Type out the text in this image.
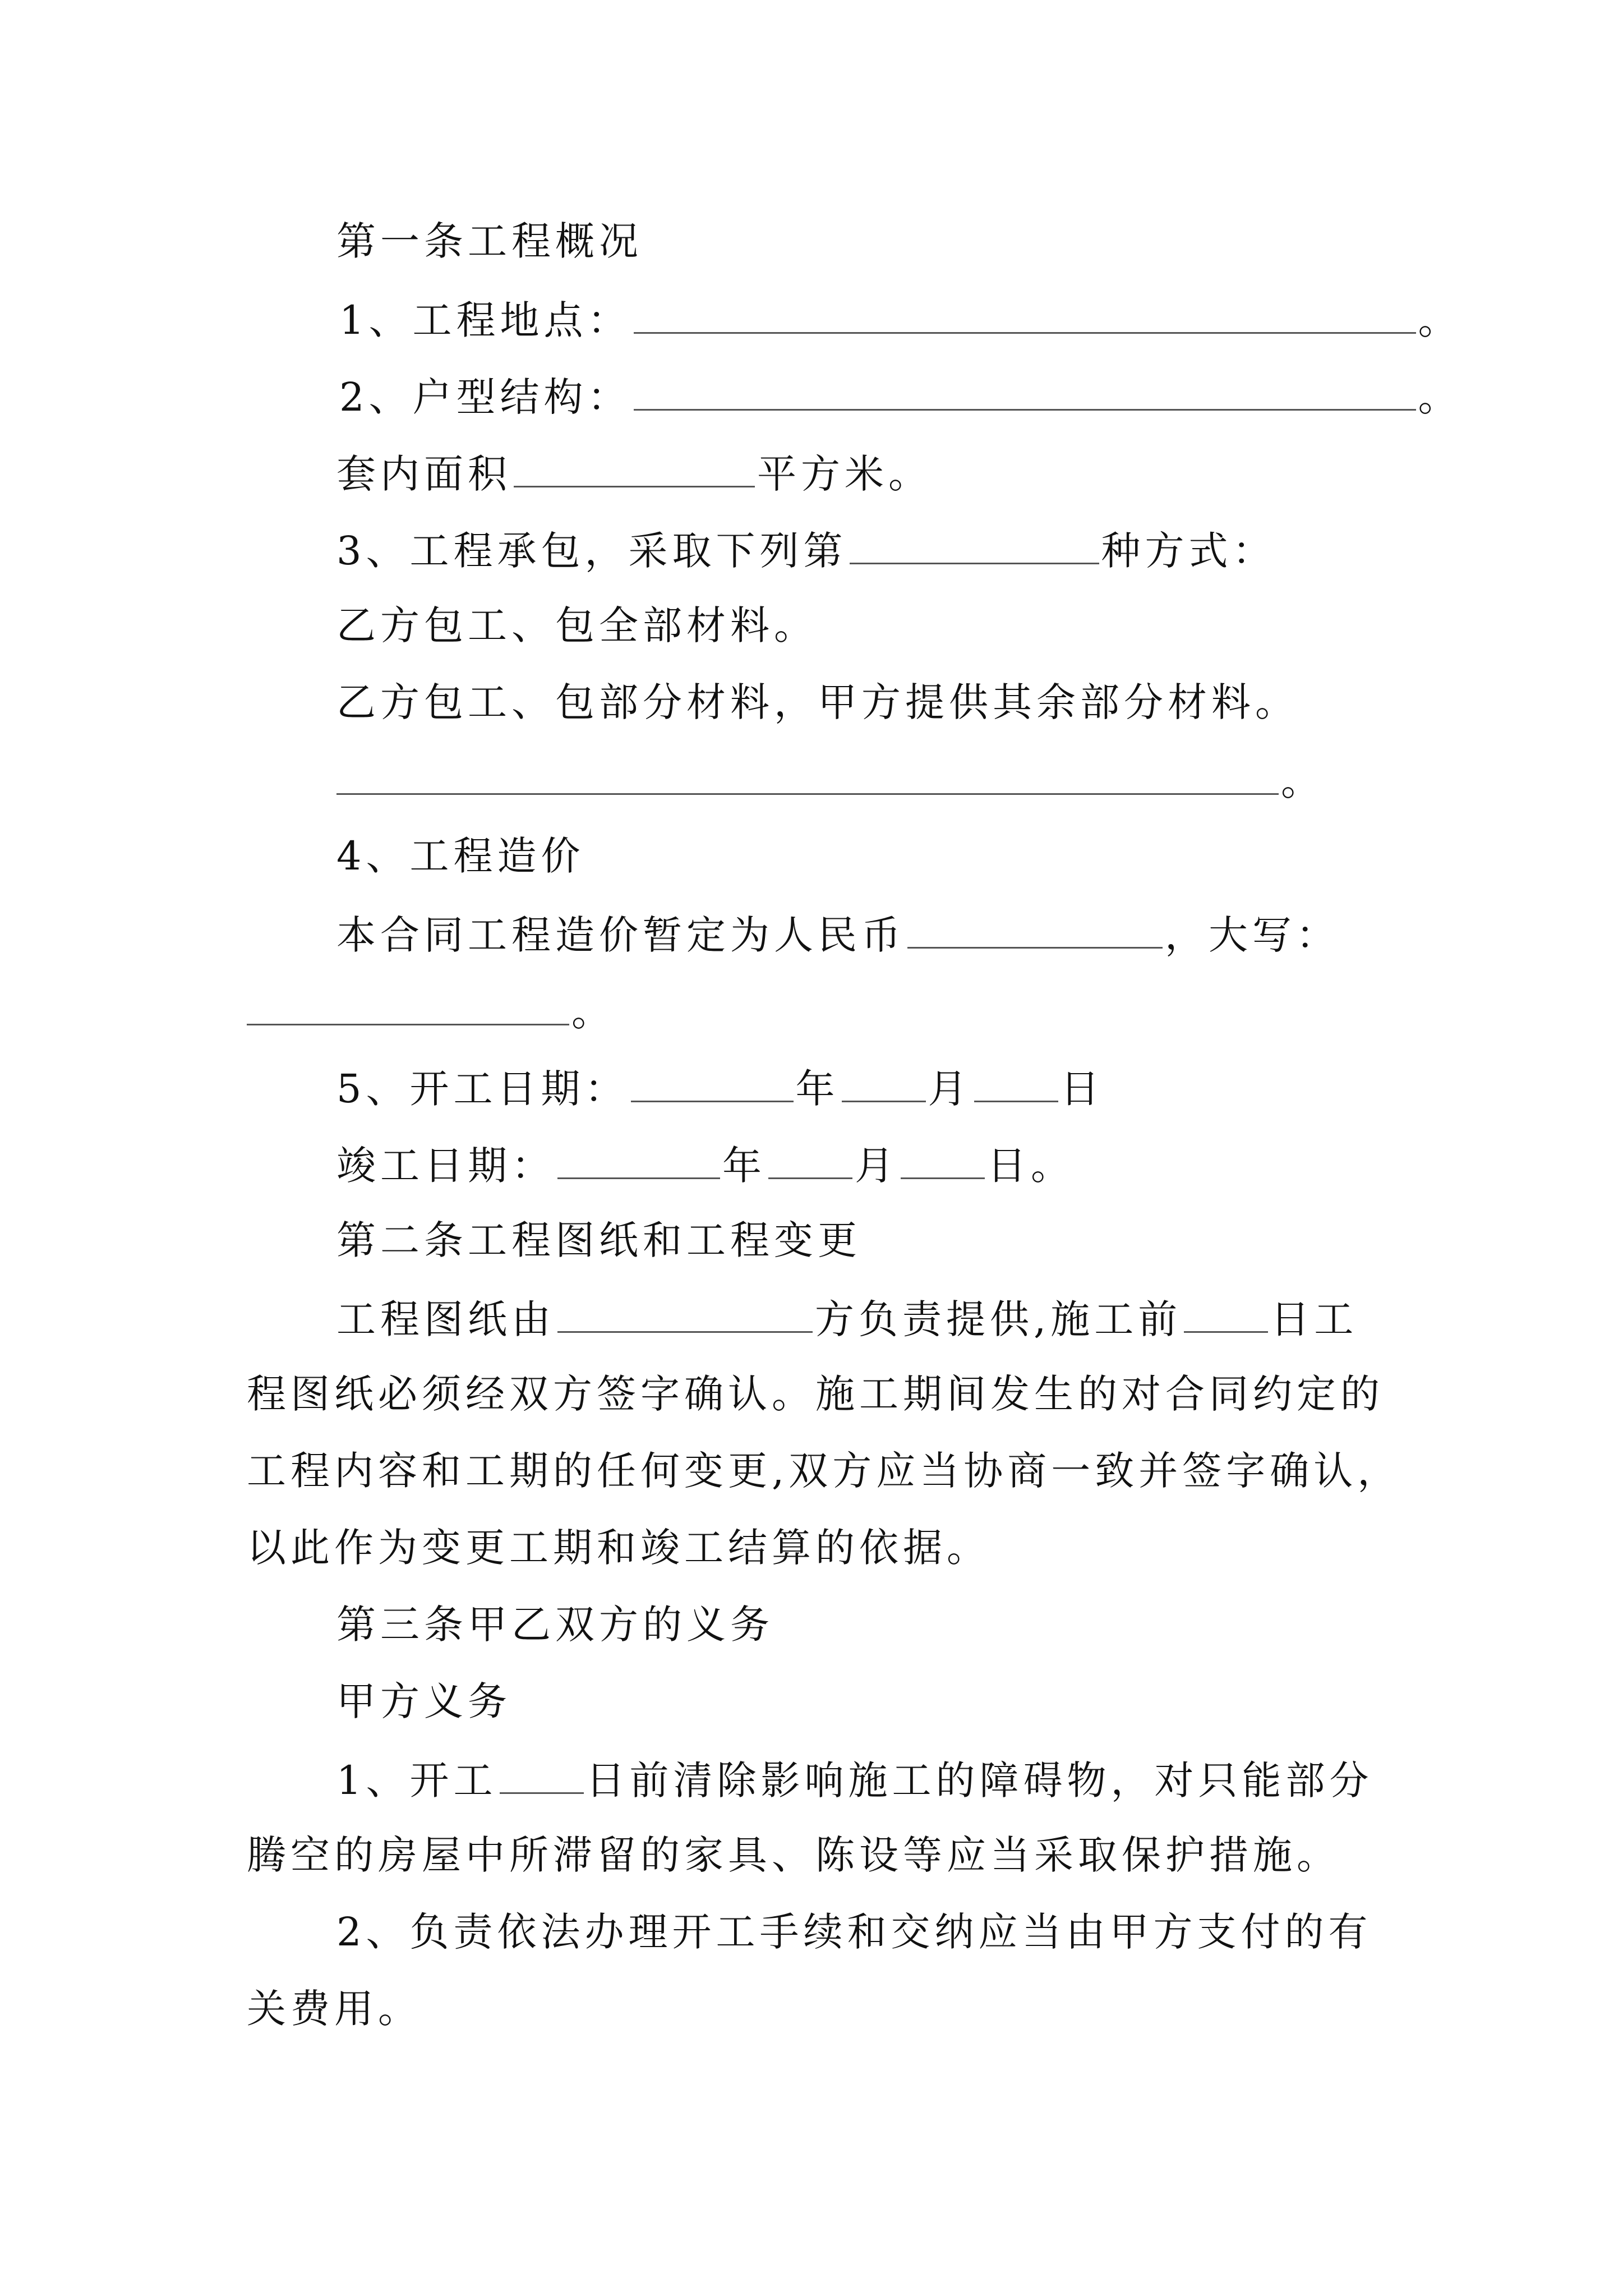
第一条工程概况
1、工程地点：	。
2、户型结构：	。
套内面积	平方米。
3、工程承包，采取下列第	种方式：
乙方包工、包全部材料。
乙方包工、包部分材料，甲方提供其余部分材料。
。
4、工程造价
本合同工程造价暂定为人民币	，大写：
。
5、开工日期：	年 月 日
竣工日期：	年 月 日。
第二条工程图纸和工程变更
工程图纸由	方负责提供,施工前 日工
程图纸必须经双方签字确认。施工期间发生的对合同约定的
工程内容和工期的任何变更,双方应当协商一致并签字确认，
以此作为变更工期和竣工结算的依据。
第三条甲乙双方的义务
甲方义务
1、开工 日前清除影响施工的障碍物，对只能部分
腾空的房屋中所滞留的家具、陈设等应当采取保护措施。
2、负责依法办理开工手续和交纳应当由甲方支付的有
关费用。
